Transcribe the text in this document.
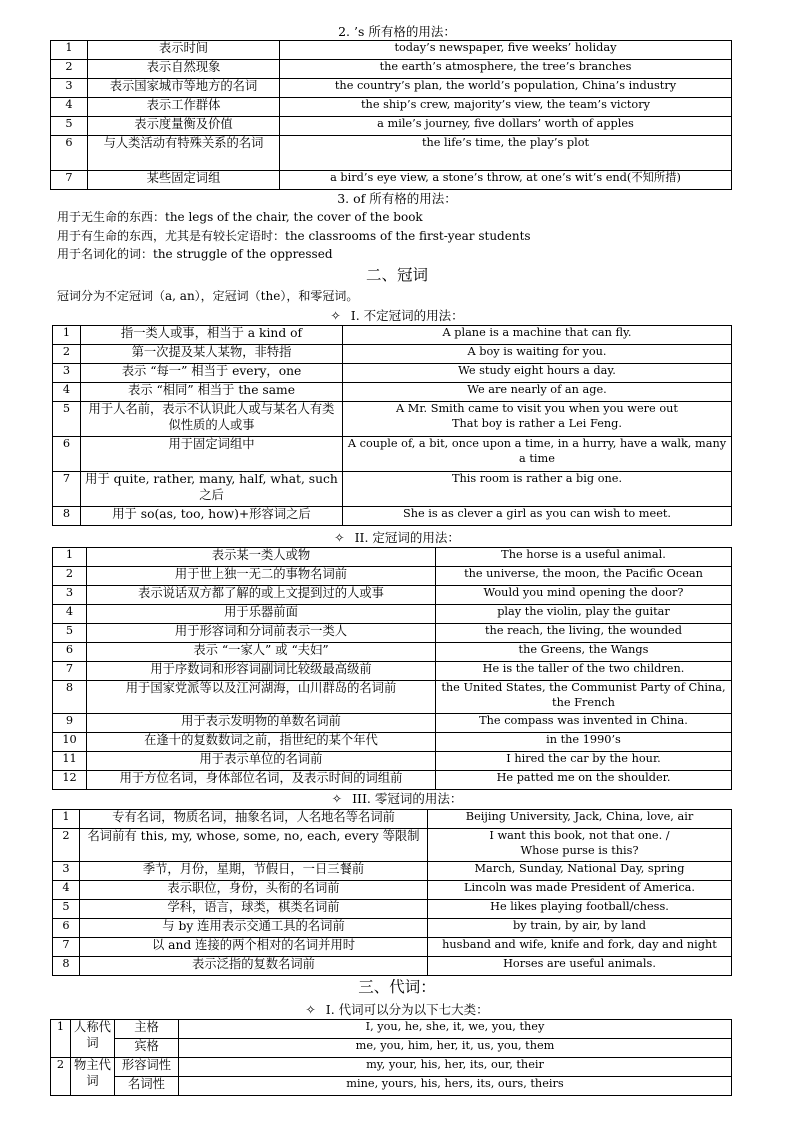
2. ’s 所有格的用法：
1	表示时间	today’s newspaper, five weeks’ holiday
2	表示自然现象	the earth’s atmosphere, the tree’s branches
3	表示国家城市等地方的名词	the country’s plan, the world’s population, China’s industry
4	表示工作群体	the ship’s crew, majority’s view, the team’s victory
5	表示度量衡及价值	a mile’s journey, five dollars’ worth of apples
6	与人类活动有特殊关系的名词	the life’s time, the play’s plot
7	某些固定词组	a bird’s eye view, a stone’s throw, at one’s wit’s end(不知所措)
3. of 所有格的用法：
用于无生命的东西：the legs of the chair, the cover of the book
用于有生命的东西，尤其是有较长定语时：the classrooms of the first-year students
用于名词化的词：the struggle of the oppressed
二、冠词
冠词分为不定冠词（a, an），定冠词（the），和零冠词。
✧ I. 不定冠词的用法：
1	指一类人或事，相当于 a kind of	A plane is a machine that can fly.
2	第一次提及某人某物，非特指	A boy is waiting for you.
3	表示 “每一” 相当于 every，one	We study eight hours a day.
4	表示 “相同” 相当于 the same	We are nearly of an age.
5	用于人名前，表示不认识此人或与某名人有类似性质的人或事	A Mr. Smith came to visit you when you were out
That boy is rather a Lei Feng.
6	用于固定词组中	A couple of, a bit, once upon a time, in a hurry, have a walk, many a time
7	用于 quite, rather, many, half, what, such 之后	This room is rather a big one.
8	用于 so(as, too, how)+形容词之后	She is as clever a girl as you can wish to meet.
✧ II. 定冠词的用法：
1	表示某一类人或物	The horse is a useful animal.
2	用于世上独一无二的事物名词前	the universe, the moon, the Pacific Ocean
3	表示说话双方都了解的或上文提到过的人或事	Would you mind opening the door?
4	用于乐器前面	play the violin, play the guitar
5	用于形容词和分词前表示一类人	the reach, the living, the wounded
6	表示 “一家人” 或 “夫妇”	the Greens, the Wangs
7	用于序数词和形容词副词比较级最高级前	He is the taller of the two children.
8	用于国家党派等以及江河湖海，山川群岛的名词前	the United States, the Communist Party of China, the French
9	用于表示发明物的单数名词前	The compass was invented in China.
10	在逢十的复数数词之前，指世纪的某个年代	in the 1990’s
11	用于表示单位的名词前	I hired the car by the hour.
12	用于方位名词，身体部位名词，及表示时间的词组前	He patted me on the shoulder.
✧ III. 零冠词的用法：
1	专有名词，物质名词，抽象名词，人名地名等名词前	Beijing University, Jack, China, love, air
2	名词前有 this, my, whose, some, no, each, every 等限制	I want this book, not that one. /
Whose purse is this?
3	季节，月份，星期，节假日，一日三餐前	March, Sunday, National Day, spring
4	表示职位，身份，头衔的名词前	Lincoln was made President of America.
5	学科，语言，球类，棋类名词前	He likes playing football/chess.
6	与 by 连用表示交通工具的名词前	by train, by air, by land
7	以 and 连接的两个相对的名词并用时	husband and wife, knife and fork, day and night
8	表示泛指的复数名词前	Horses are useful animals.
三、代词：
✧ I. 代词可以分为以下七大类：
1	人称代词	主格	I, you, he, she, it, we, you, they
		宾格	me, you, him, her, it, us, you, them
2	物主代词	形容词性	my, your, his, her, its, our, their
		名词性	mine, yours, his, hers, its, ours, theirs
